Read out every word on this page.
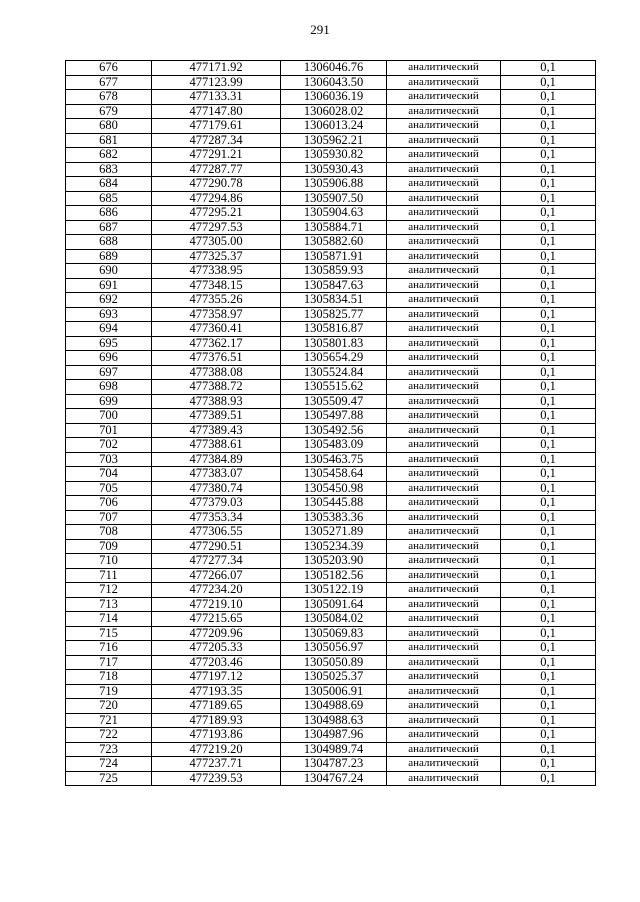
291
676	477171.92	1306046.76	аналитический	0,1
677	477123.99	1306043.50	аналитический	0,1
678	477133.31	1306036.19	аналитический	0,1
679	477147.80	1306028.02	аналитический	0,1
680	477179.61	1306013.24	аналитический	0,1
681	477287.34	1305962.21	аналитический	0,1
682	477291.21	1305930.82	аналитический	0,1
683	477287.77	1305930.43	аналитический	0,1
684	477290.78	1305906.88	аналитический	0,1
685	477294.86	1305907.50	аналитический	0,1
686	477295.21	1305904.63	аналитический	0,1
687	477297.53	1305884.71	аналитический	0,1
688	477305.00	1305882.60	аналитический	0,1
689	477325.37	1305871.91	аналитический	0,1
690	477338.95	1305859.93	аналитический	0,1
691	477348.15	1305847.63	аналитический	0,1
692	477355.26	1305834.51	аналитический	0,1
693	477358.97	1305825.77	аналитический	0,1
694	477360.41	1305816.87	аналитический	0,1
695	477362.17	1305801.83	аналитический	0,1
696	477376.51	1305654.29	аналитический	0,1
697	477388.08	1305524.84	аналитический	0,1
698	477388.72	1305515.62	аналитический	0,1
699	477388.93	1305509.47	аналитический	0,1
700	477389.51	1305497.88	аналитический	0,1
701	477389.43	1305492.56	аналитический	0,1
702	477388.61	1305483.09	аналитический	0,1
703	477384.89	1305463.75	аналитический	0,1
704	477383.07	1305458.64	аналитический	0,1
705	477380.74	1305450.98	аналитический	0,1
706	477379.03	1305445.88	аналитический	0,1
707	477353.34	1305383.36	аналитический	0,1
708	477306.55	1305271.89	аналитический	0,1
709	477290.51	1305234.39	аналитический	0,1
710	477277.34	1305203.90	аналитический	0,1
711	477266.07	1305182.56	аналитический	0,1
712	477234.20	1305122.19	аналитический	0,1
713	477219.10	1305091.64	аналитический	0,1
714	477215.65	1305084.02	аналитический	0,1
715	477209.96	1305069.83	аналитический	0,1
716	477205.33	1305056.97	аналитический	0,1
717	477203.46	1305050.89	аналитический	0,1
718	477197.12	1305025.37	аналитический	0,1
719	477193.35	1305006.91	аналитический	0,1
720	477189.65	1304988.69	аналитический	0,1
721	477189.93	1304988.63	аналитический	0,1
722	477193.86	1304987.96	аналитический	0,1
723	477219.20	1304989.74	аналитический	0,1
724	477237.71	1304787.23	аналитический	0,1
725	477239.53	1304767.24	аналитический	0,1
